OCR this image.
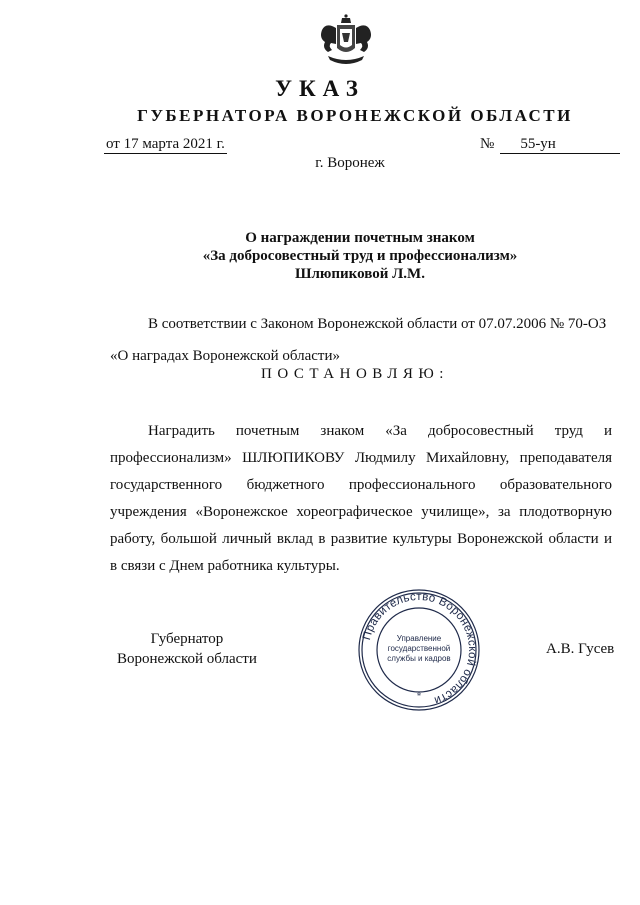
УКАЗ
ГУБЕРНАТОРА ВОРОНЕЖСКОЙ ОБЛАСТИ
от 17 марта 2021 г.	№ 55-ун
г. Воронеж
О награждении почетным знаком
«За добросовестный труд и профессионализм»
Шлюпиковой Л.М.
В соответствии с Законом Воронежской области от 07.07.2006 № 70-ОЗ
«О наградах Воронежской области»
ПОСТАНОВЛЯЮ:
Наградить почетным знаком «За добросовестный труд и
профессионализм» ШЛЮПИКОВУ Людмилу Михайловну, преподавателя
государственного бюджетного профессионального образовательного
учреждения «Воронежское хореографическое училище», за плодотворную
работу, большой личный вклад в развитие культуры Воронежской области и
в связи с Днем работника культуры.
Губернатор
Воронежской области
Правительство Воронежской области
Управление
государственной
службы и кадров
*
А.В. Гусев
